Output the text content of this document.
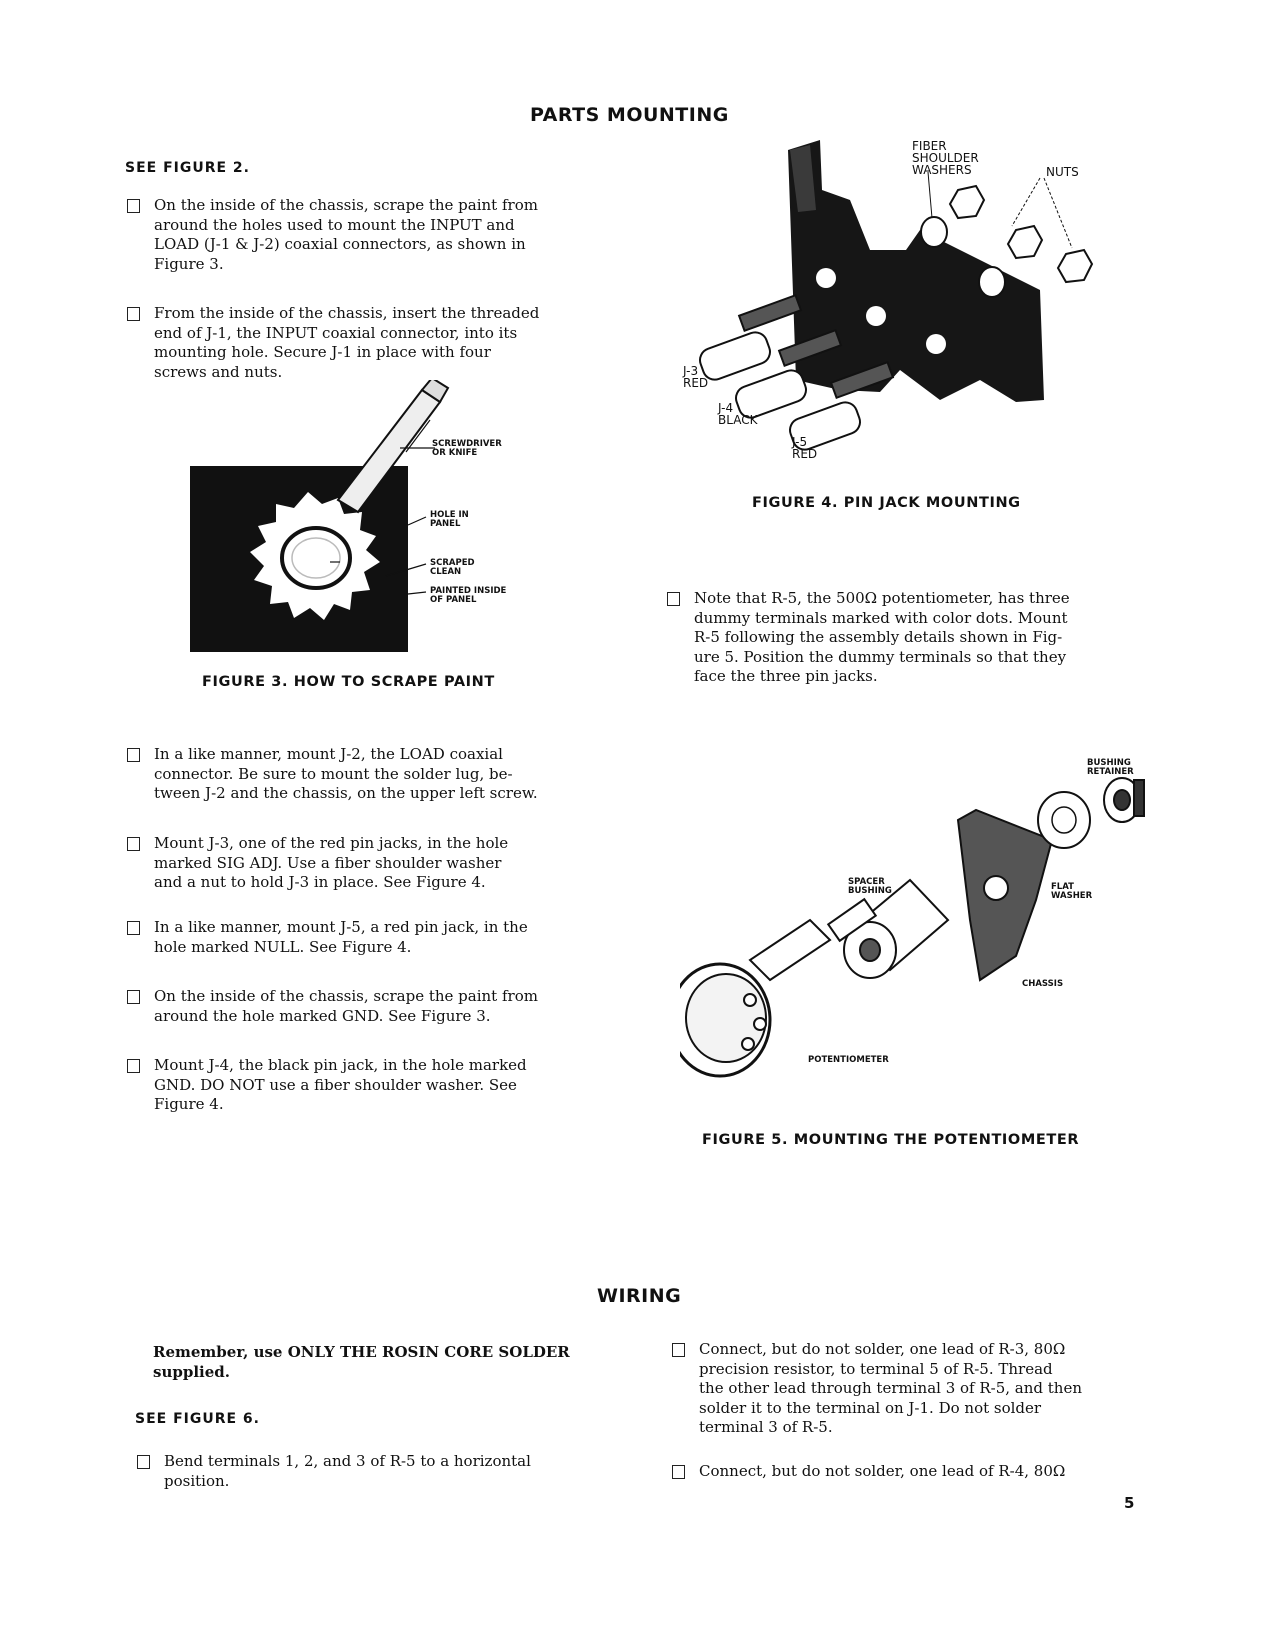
PARTS MOUNTING
SEE FIGURE 2.
On the inside of the chassis, scrape the paint from
around the holes used to mount the INPUT and
LOAD (J-1 & J-2) coaxial connectors, as shown in
Figure 3.
From the inside of the chassis, insert the threaded
end of J-1, the INPUT coaxial connector, into its
mounting hole. Secure J-1 in place with four
screws and nuts.
SCREWDRIVER
OR KNIFE
HOLE IN
PANEL
SCRAPED
CLEAN
PAINTED INSIDE
OF PANEL
FIGURE 3. HOW TO SCRAPE PAINT
In a like manner, mount J-2, the LOAD coaxial
connector. Be sure to mount the solder lug, be-
tween J-2 and the chassis, on the upper left screw.
Mount J-3, one of the red pin jacks, in the hole
marked SIG ADJ. Use a fiber shoulder washer
and a nut to hold J-3 in place. See Figure 4.
In a like manner, mount J-5, a red pin jack, in the
hole marked NULL. See Figure 4.
On the inside of the chassis, scrape the paint from
around the hole marked GND. See Figure 3.
Mount J-4, the black pin jack, in the hole marked
GND. DO NOT use a fiber shoulder washer. See
Figure 4.
FIBER
SHOULDER
WASHERS	NUTS
J-3
RED
J-4
BLACK
J-5
RED
FIGURE 4. PIN JACK MOUNTING
Note that R-5, the 500Ω potentiometer, has three
dummy terminals marked with color dots. Mount
R-5 following the assembly details shown in Fig-
ure 5. Position the dummy terminals so that they
face the three pin jacks.
BUSHING
RETAINER
SPACER
BUSHING	FLAT
WASHER
CHASSIS
POTENTIOMETER
FIGURE 5. MOUNTING THE POTENTIOMETER
WIRING
Remember, use ONLY THE ROSIN CORE SOLDER
supplied.
SEE FIGURE 6.
Bend terminals 1, 2, and 3 of R-5 to a horizontal
position.
Connect, but do not solder, one lead of R-3, 80Ω
precision resistor, to terminal 5 of R-5. Thread
the other lead through terminal 3 of R-5, and then
solder it to the terminal on J-1. Do not solder
terminal 3 of R-5.
Connect, but do not solder, one lead of R-4, 80Ω
5
